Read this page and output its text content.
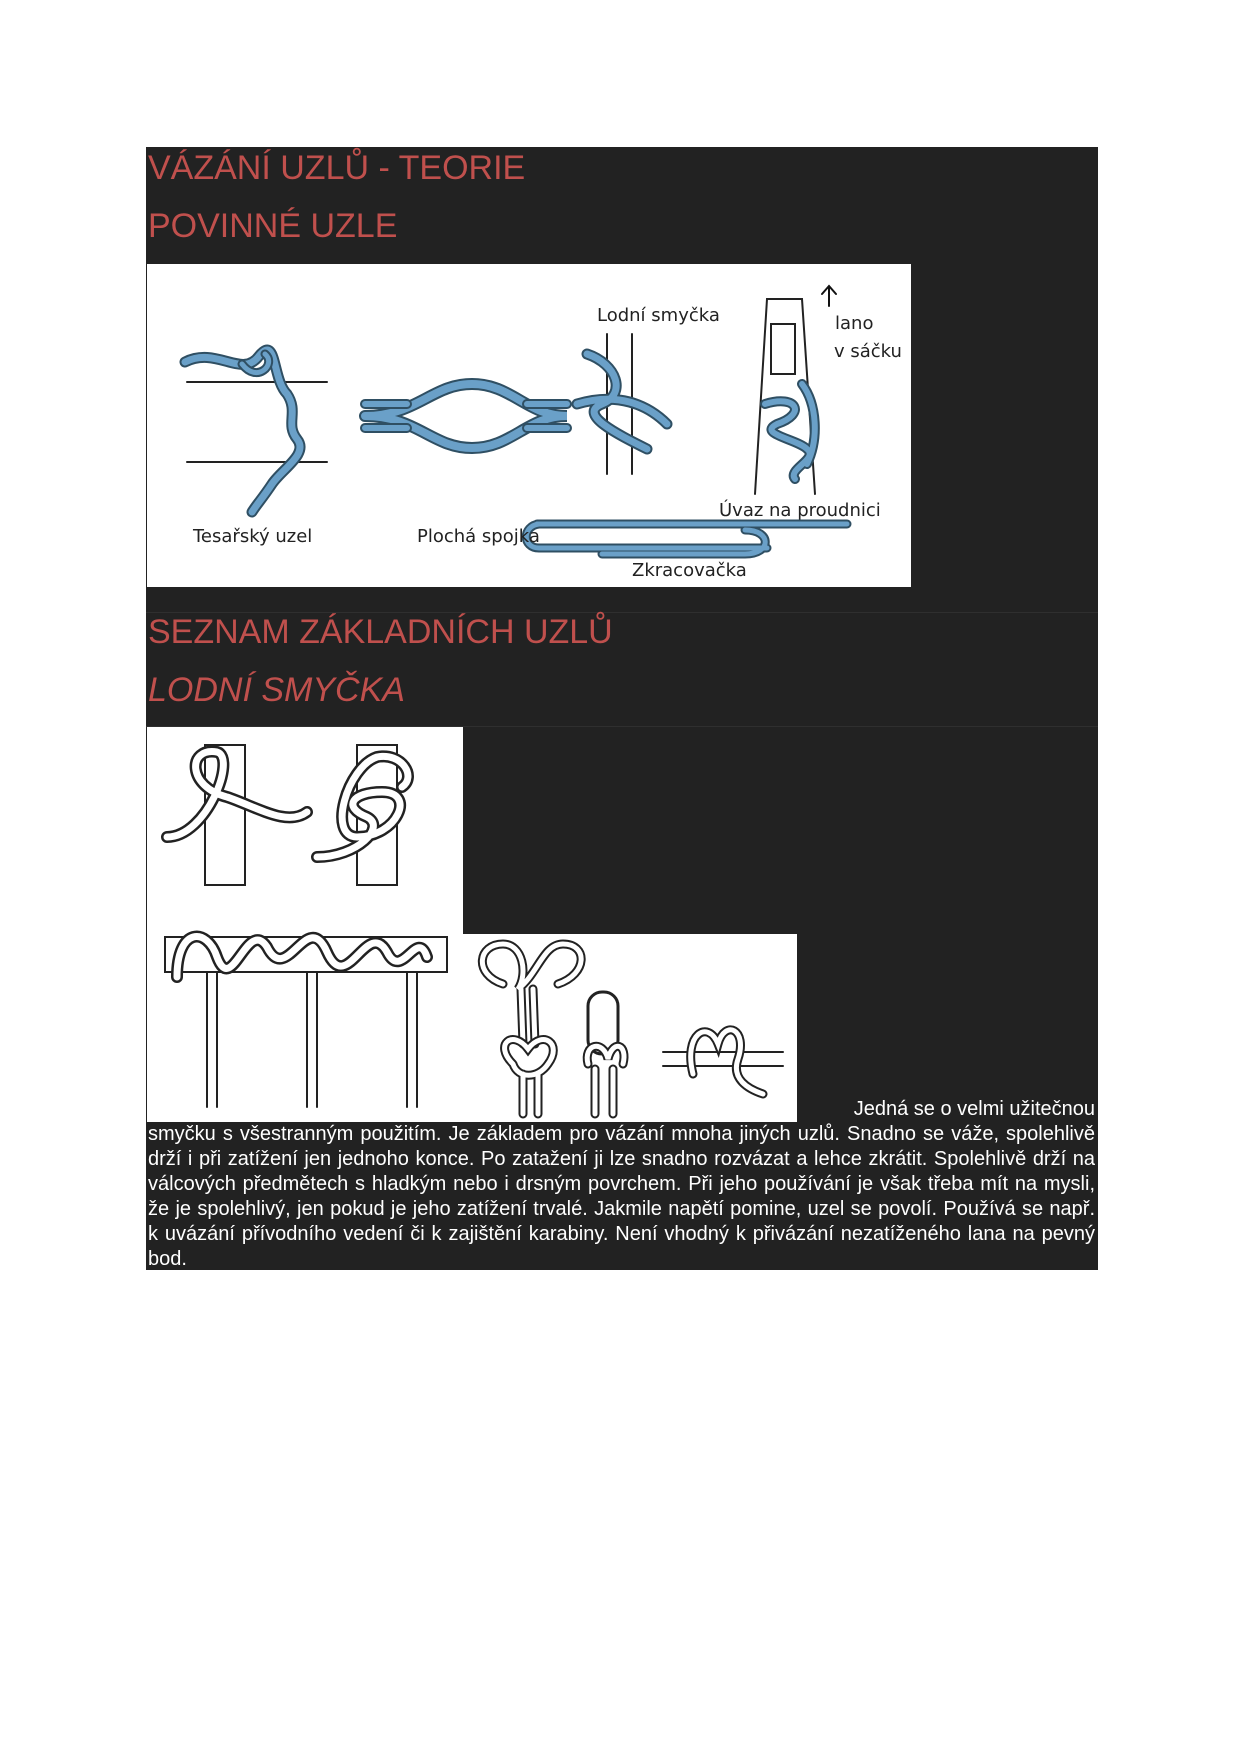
VÁZÁNÍ UZLŮ - TEORIE
POVINNÉ UZLE
Lodní smyčka	lano
v sáčku
Úvaz na proudnici
Tesařský uzel	Plochá spojka
Zkracovačka
SEZNAM ZÁKLADNÍCH UZLŮ
LODNÍ SMYČKA

Jedná se o velmi užitečnou

smyčku s všestranným použitím. Je základem pro vázání mnoha jiných uzlů. Snadno se váže, spolehlivě drží i při zatížení jen jednoho konce. Po zatažení ji lze snadno rozvázat a lehce zkrátit. Spolehlivě drží na válcových předmětech s hladkým nebo i drsným povrchem. Při jeho používání je však třeba mít na mysli, že je spolehlivý, jen pokud je jeho zatížení trvalé. Jakmile napětí pomine, uzel se povolí. Používá se např. k uvázání přívodního vedení či k zajištění karabiny. Není vhodný k přivázání nezatíženého lana na pevný bod.
